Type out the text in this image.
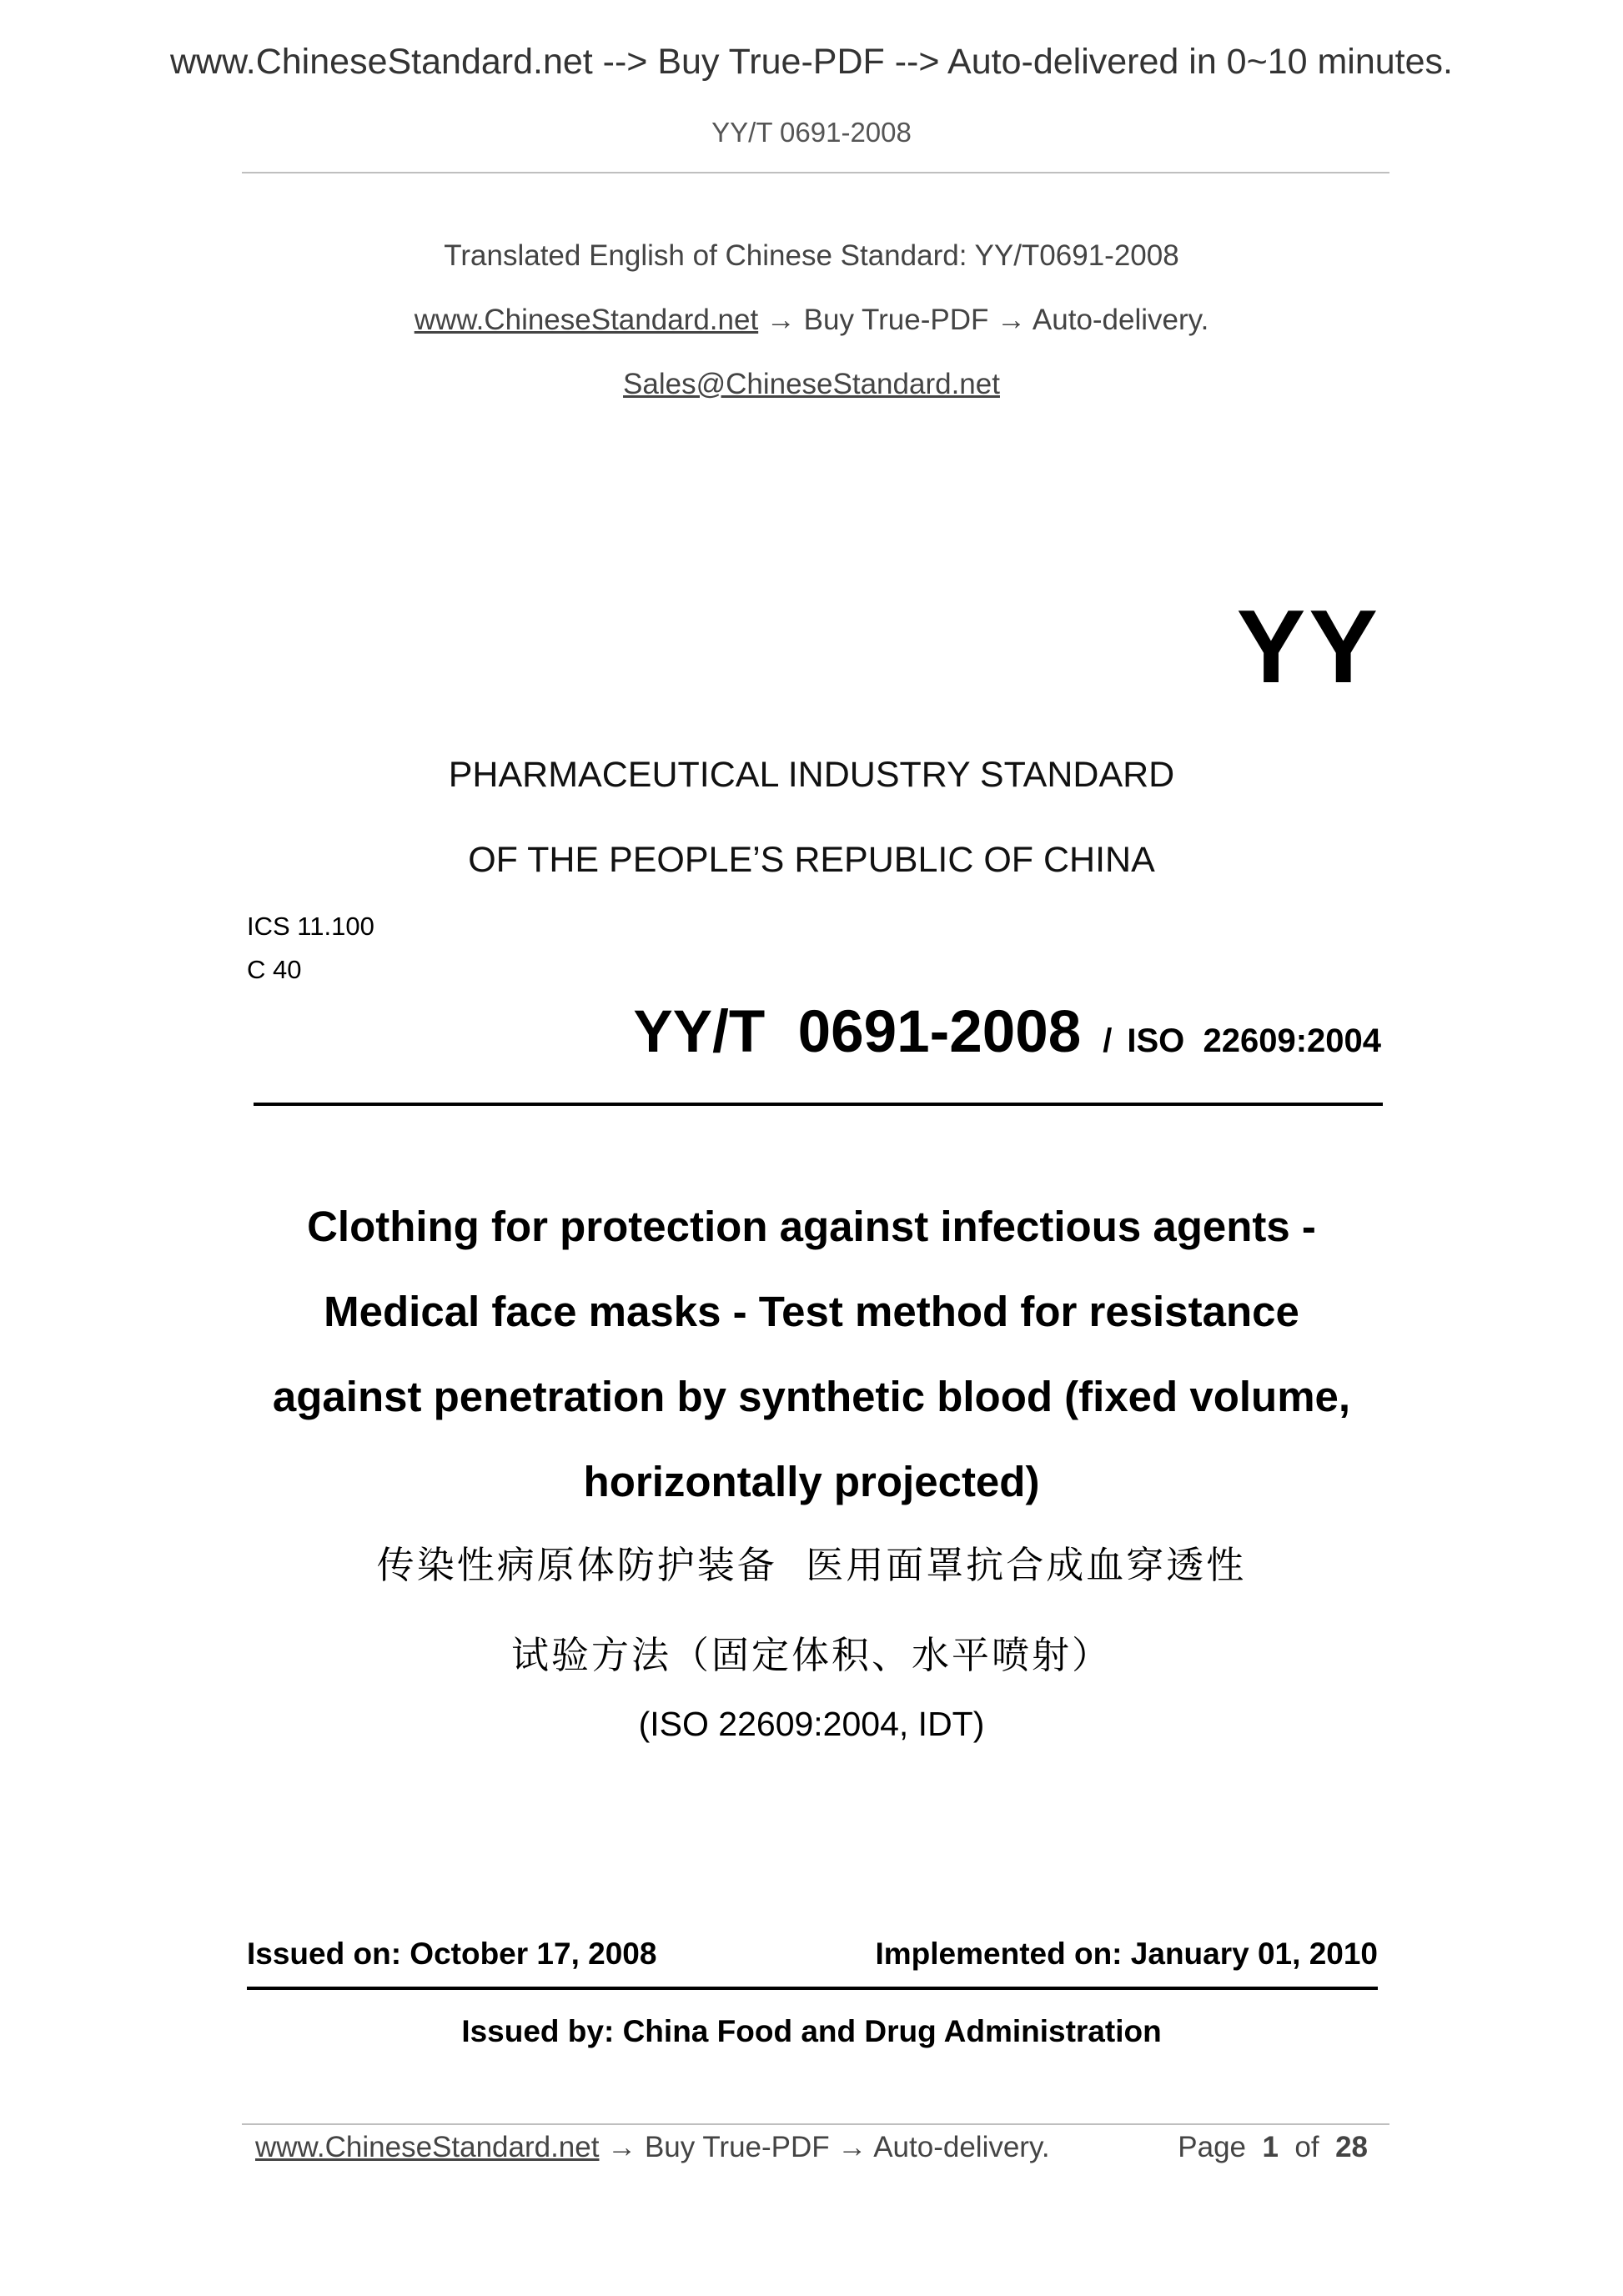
www.ChineseStandard.net --> Buy True-PDF --> Auto-delivered in 0~10 minutes.
YY/T 0691-2008
Translated English of Chinese Standard: YY/T0691-2008
www.ChineseStandard.net → Buy True-PDF → Auto-delivery.
Sales@ChineseStandard.net
YY
PHARMACEUTICAL INDUSTRY STANDARD
OF THE PEOPLE’S REPUBLIC OF CHINA
ICS 11.100
C 40
YY/T  0691-2008 / ISO  22609:2004
Clothing for protection against infectious agents -
Medical face masks - Test method for resistance
against penetration by synthetic blood (fixed volume,
horizontally projected)
传染性病原体防护装备  医用面罩抗合成血穿透性
试验方法（固定体积、水平喷射）
(ISO 22609:2004, IDT)
Issued on: October 17, 2008	Implemented on: January 01, 2010
Issued by: China Food and Drug Administration
www.ChineseStandard.net → Buy True-PDF → Auto-delivery.	Page 1 of 28
